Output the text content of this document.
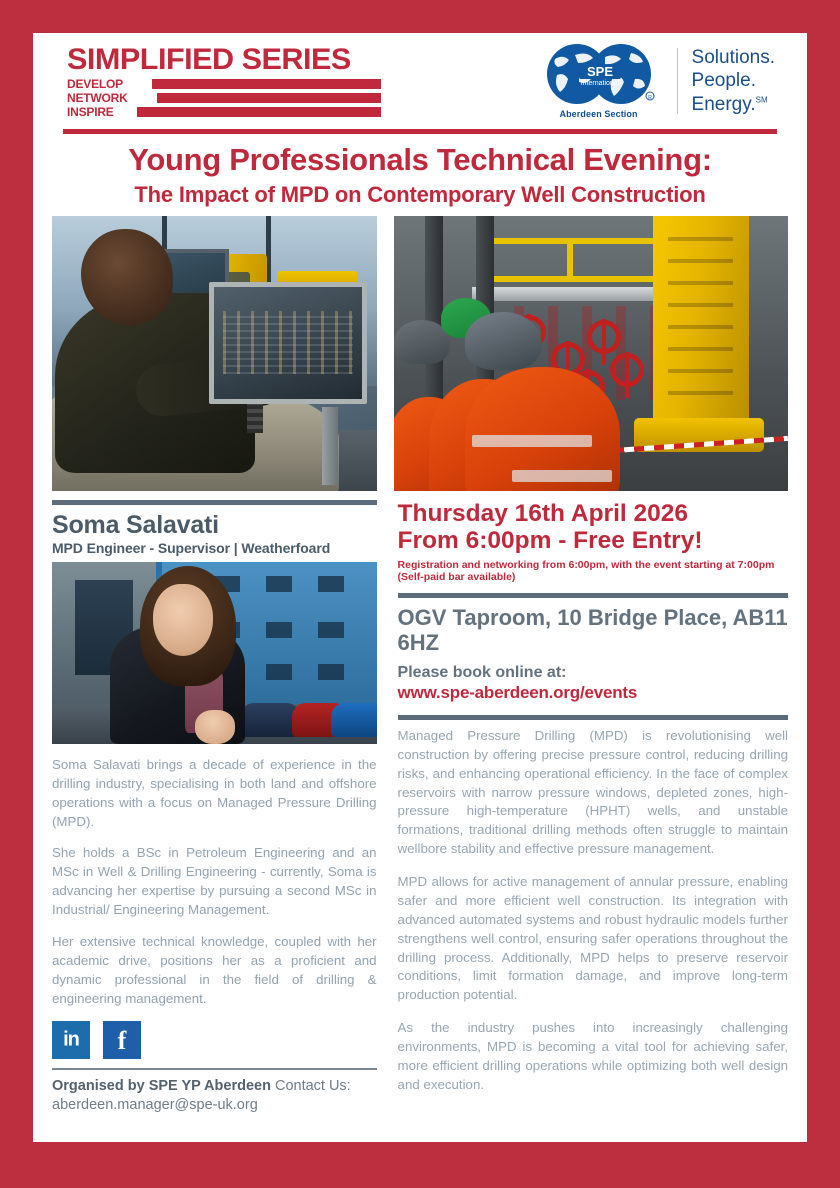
SIMPLIFIED SERIES
DEVELOP
NETWORK
INSPIRE
SPE
International
R
Aberdeen Section
Solutions.
People.
Energy.℠
Young Professionals Technical Evening:
The Impact of MPD on Contemporary Well Construction
Soma Salavati
MPD Engineer - Supervisor | Weatherfoard

Soma Salavati brings a decade of experience in the drilling industry, specialising in both land and offshore operations with a focus on Managed Pressure Drilling (MPD).

She holds a BSc in Petroleum Engineering and an MSc in Well & Drilling Engineering - currently, Soma is advancing her expertise by pursuing a second MSc in Industrial/ Engineering Management.

Her extensive technical knowledge, coupled with her academic drive, positions her as a proficient and dynamic professional in the field of drilling & engineering management.

in f
Organised by SPE YP Aberdeen Contact Us:
aberdeen.manager@spe-uk.org
Thursday 16th April 2026
From 6:00pm - Free Entry!
Registration and networking from 6:00pm, with the event starting at 7:00pm
(Self-paid bar available)
OGV Taproom, 10 Bridge Place, AB11 6HZ
Please book online at:
www.spe-aberdeen.org/events

Managed Pressure Drilling (MPD) is revolutionising well construction by offering precise pressure control, reducing drilling risks, and enhancing operational efficiency. In the face of complex reservoirs with narrow pressure windows, depleted zones, high-pressure high-temperature (HPHT) wells, and unstable formations, traditional drilling methods often struggle to maintain wellbore stability and effective pressure management.

MPD allows for active management of annular pressure, enabling safer and more efficient well construction. Its integration with advanced automated systems and robust hydraulic models further strengthens well control, ensuring safer operations throughout the drilling process. Additionally, MPD helps to preserve reservoir conditions, limit formation damage, and improve long-term production potential.

As the industry pushes into increasingly challenging environments, MPD is becoming a vital tool for achieving safer, more efficient drilling operations while optimizing both well design and execution.
